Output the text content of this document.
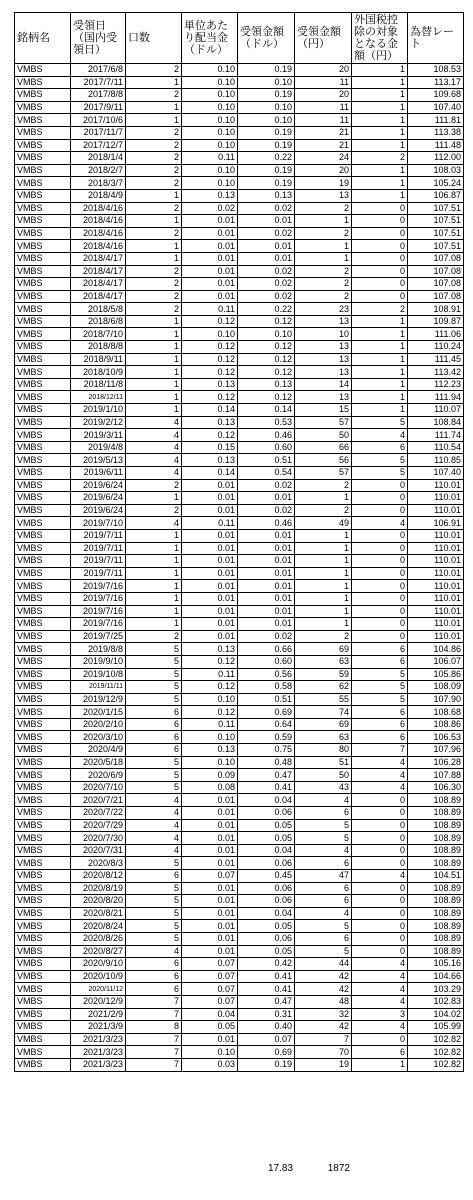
銘柄名	受領日（国内受領日）	口数	単位あたり配当金（ドル）	受領金額（ドル）	受領金額（円）	外国税控除の対象となる金額（円）	為替レート
VMBS	2017/6/8	2	0.10	0.19	20	1	108.53
VMBS	2017/7/11	1	0.10	0.10	11	1	113.17
VMBS	2017/8/8	2	0.10	0.19	20	1	109.68
VMBS	2017/9/11	1	0.10	0.10	11	1	107.40
VMBS	2017/10/6	1	0.10	0.10	11	1	111.81
VMBS	2017/11/7	2	0.10	0.19	21	1	113.38
VMBS	2017/12/7	2	0.10	0.19	21	1	111.48
VMBS	2018/1/4	2	0.11	0.22	24	2	112.00
VMBS	2018/2/7	2	0.10	0.19	20	1	108.03
VMBS	2018/3/7	2	0.10	0.19	19	1	105.24
VMBS	2018/4/9	1	0.13	0.13	13	1	106.87
VMBS	2018/4/16	2	0.02	0.02	2	0	107.51
VMBS	2018/4/16	1	0.01	0.01	1	0	107.51
VMBS	2018/4/16	2	0.01	0.02	2	0	107.51
VMBS	2018/4/16	1	0.01	0.01	1	0	107.51
VMBS	2018/4/17	1	0.01	0.01	1	0	107.08
VMBS	2018/4/17	2	0.01	0.02	2	0	107.08
VMBS	2018/4/17	2	0.01	0.02	2	0	107.08
VMBS	2018/4/17	2	0.01	0.02	2	0	107.08
VMBS	2018/5/8	2	0.11	0.22	23	2	108.91
VMBS	2018/6/8	1	0.12	0.12	13	1	109.87
VMBS	2018/7/10	1	0.10	0.10	10	1	111.06
VMBS	2018/8/8	1	0.12	0.12	13	1	110.24
VMBS	2018/9/11	1	0.12	0.12	13	1	111.45
VMBS	2018/10/9	1	0.12	0.12	13	1	113.42
VMBS	2018/11/8	1	0.13	0.13	14	1	112.23
VMBS	2018/12/11	1	0.12	0.12	13	1	111.94
VMBS	2019/1/10	1	0.14	0.14	15	1	110.07
VMBS	2019/2/12	4	0.13	0.53	57	5	108.84
VMBS	2019/3/11	4	0.12	0.46	50	4	111.74
VMBS	2019/4/8	4	0.15	0.60	66	6	110.54
VMBS	2019/5/13	4	0.13	0.51	56	5	110.85
VMBS	2019/6/11	4	0.14	0.54	57	5	107.40
VMBS	2019/6/24	2	0.01	0.02	2	0	110.01
VMBS	2019/6/24	1	0.01	0.01	1	0	110.01
VMBS	2019/6/24	2	0.01	0.02	2	0	110.01
VMBS	2019/7/10	4	0.11	0.46	49	4	106.91
VMBS	2019/7/11	1	0.01	0.01	1	0	110.01
VMBS	2019/7/11	1	0.01	0.01	1	0	110.01
VMBS	2019/7/11	1	0.01	0.01	1	0	110.01
VMBS	2019/7/11	1	0.01	0.01	1	0	110.01
VMBS	2019/7/16	1	0.01	0.01	1	0	110.01
VMBS	2019/7/16	1	0.01	0.01	1	0	110.01
VMBS	2019/7/16	1	0.01	0.01	1	0	110.01
VMBS	2019/7/16	1	0.01	0.01	1	0	110.01
VMBS	2019/7/25	2	0.01	0.02	2	0	110.01
VMBS	2019/8/8	5	0.13	0.66	69	6	104.86
VMBS	2019/9/10	5	0.12	0.60	63	6	106.07
VMBS	2019/10/8	5	0.11	0.56	59	5	105.86
VMBS	2019/11/11	5	0.12	0.58	62	5	108.09
VMBS	2019/12/9	5	0.10	0.51	55	5	107.90
VMBS	2020/1/15	6	0.12	0.69	74	6	108.68
VMBS	2020/2/10	6	0.11	0.64	69	6	108.86
VMBS	2020/3/10	6	0.10	0.59	63	6	106.53
VMBS	2020/4/9	6	0.13	0.75	80	7	107.96
VMBS	2020/5/18	5	0.10	0.48	51	4	106.28
VMBS	2020/6/9	5	0.09	0.47	50	4	107.88
VMBS	2020/7/10	5	0.08	0.41	43	4	106.30
VMBS	2020/7/21	4	0.01	0.04	4	0	108.89
VMBS	2020/7/22	4	0.01	0.06	6	0	108.89
VMBS	2020/7/29	4	0.01	0.05	5	0	108.89
VMBS	2020/7/30	4	0.01	0.05	5	0	108.89
VMBS	2020/7/31	4	0.01	0.04	4	0	108.89
VMBS	2020/8/3	5	0.01	0.06	6	0	108.89
VMBS	2020/8/12	6	0.07	0.45	47	4	104.51
VMBS	2020/8/19	5	0.01	0.06	6	0	108.89
VMBS	2020/8/20	5	0.01	0.06	6	0	108.89
VMBS	2020/8/21	5	0.01	0.04	4	0	108.89
VMBS	2020/8/24	5	0.01	0.05	5	0	108.89
VMBS	2020/8/26	5	0.01	0.06	6	0	108.89
VMBS	2020/8/27	4	0.01	0.05	5	0	108.89
VMBS	2020/9/10	6	0.07	0.42	44	4	105.16
VMBS	2020/10/9	6	0.07	0.41	42	4	104.66
VMBS	2020/11/12	6	0.07	0.41	42	4	103.29
VMBS	2020/12/9	7	0.07	0.47	48	4	102.83
VMBS	2021/2/9	7	0.04	0.31	32	3	104.02
VMBS	2021/3/9	8	0.05	0.40	42	4	105.99
VMBS	2021/3/23	7	0.01	0.07	7	0	102.82
VMBS	2021/3/23	7	0.10	0.69	70	6	102.82
VMBS	2021/3/23	7	0.03	0.19	19	1	102.82
17.83	1872
